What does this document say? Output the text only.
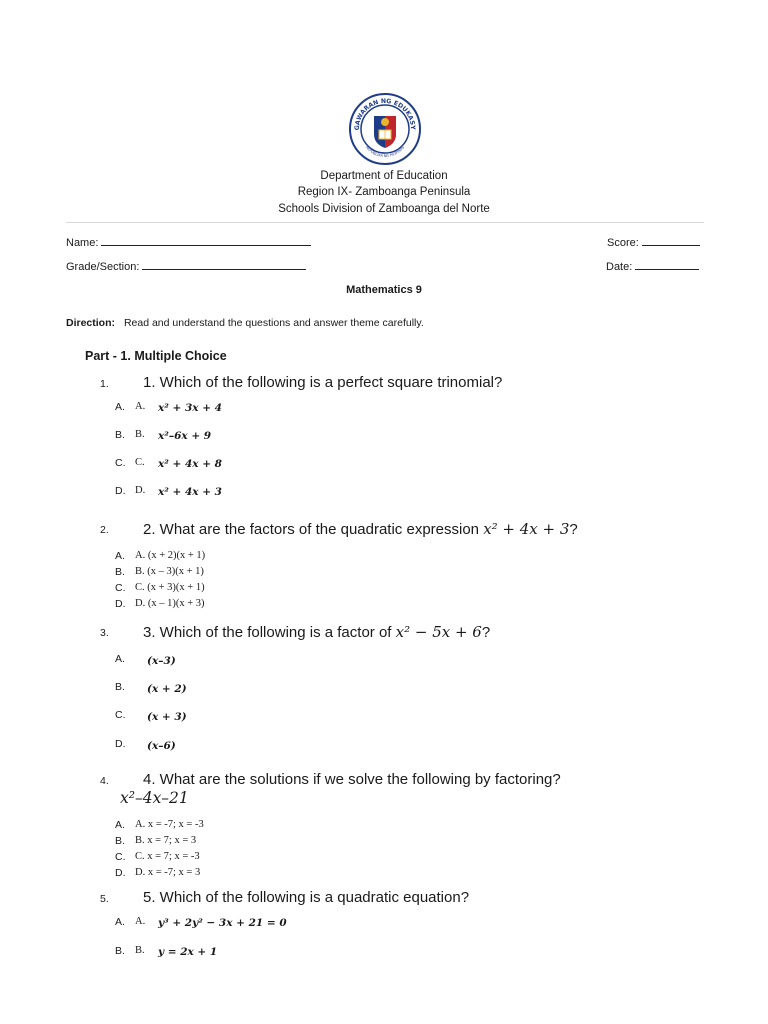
GAWARAN NG EDUKASY
REPUBLIKA NG PILIPINAS
Department of Education
Region IX- Zamboanga Peninsula
Schools Division of Zamboanga del Norte
Name:	Score:
Grade/Section:	Date:
Mathematics 9
Direction: Read and understand the questions and answer theme carefully.
Part - 1. Multiple Choice
1. 1. Which of the following is a perfect square trinomial?
A. A. x² + 3x + 4
B. B. x²–6x + 9
C. C. x² + 4x + 8
D. D. x² + 4x + 3
2. 2. What are the factors of the quadratic expression x² + 4x + 3?
A. A. (x + 2)(x + 1)
B. B. (x – 3)(x + 1)
C. C. (x + 3)(x + 1)
D. D. (x – 1)(x + 3)
3. 3. Which of the following is a factor of x² − 5x + 6?
A. (x–3)
B. (x + 2)
C. (x + 3)
D. (x–6)
4. 4. What are the solutions if we solve the following by factoring?
x²–4x–21
A. A. x = -7; x = -3
B. B. x = 7; x = 3
C. C. x = 7; x = -3
D. D. x = -7; x = 3
5. 5. Which of the following is a quadratic equation?
A. A. y³ + 2y² − 3x + 21 = 0
B. B. y = 2x + 1
